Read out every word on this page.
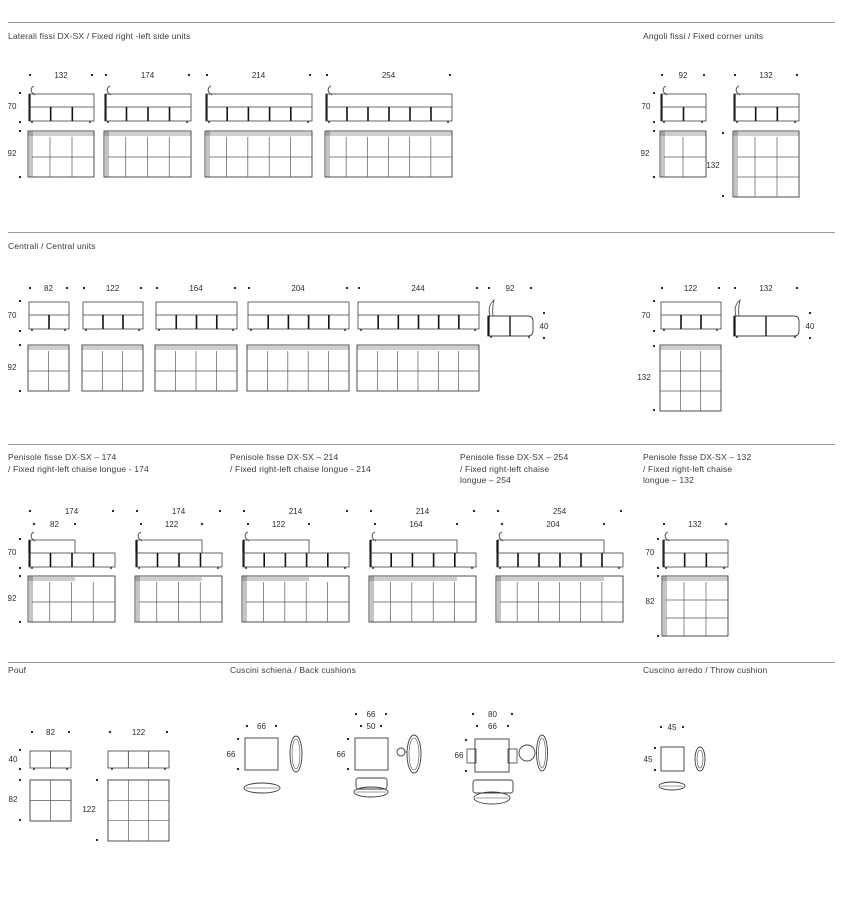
Laterali fissi DX-SX / Fixed right -left side units	Angoli fissi / Fixed corner units
Centrali / Central units
Penisole fisse DX-SX – 174
/ Fixed right-left chaise longue - 174
Penisole fisse DX-SX – 214
/ Fixed right-left chaise longue - 214
Penisole fisse DX-SX – 254
/ Fixed right-left chaise
longue – 254
Penisole fisse DX-SX – 132
/ Fixed right-left chaise
longue – 132
Pouf	Cuscini schiena / Back cushions	Cuscino arredo / Throw cushion
132	174	214	254	92	132
82	122	164	204	244	122
174
82
174
122
214
122
214
164
254
204	132
92
40
132
40
82	122
66
66
66
50
66
80
66
66
45
45
70
92
70
92
132
70
92
70
132
70
92
70
82
40
82
122
